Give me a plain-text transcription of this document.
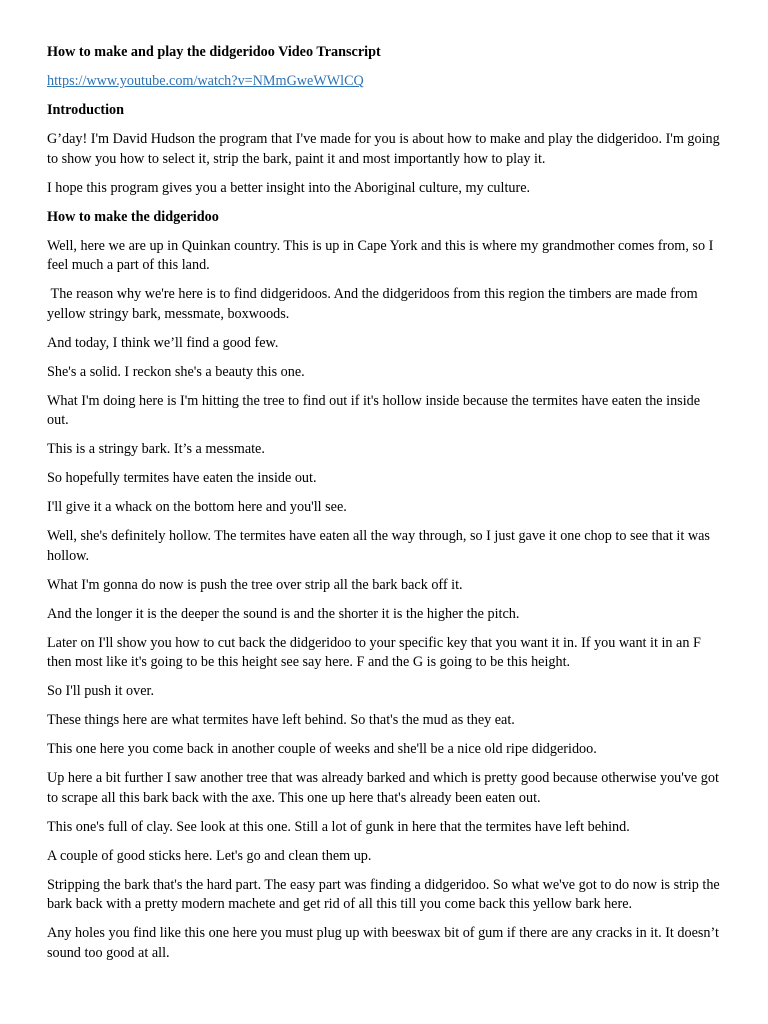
How to make and play the didgeridoo Video Transcript

https://www.youtube.com/watch?v=NMmGweWWlCQ

Introduction

G’day! I'm David Hudson the program that I've made for you is about how to make and play the didgeridoo. I'm going to show you how to select it, strip the bark, paint it and most importantly how to play it.

I hope this program gives you a better insight into the Aboriginal culture, my culture.

How to make the didgeridoo

Well, here we are up in Quinkan country. This is up in Cape York and this is where my grandmother comes from, so I feel much a part of this land.

The reason why we're here is to find didgeridoos. And the didgeridoos from this region the timbers are made from yellow stringy bark, messmate, boxwoods.

And today, I think we’ll find a good few.

She's a solid. I reckon she's a beauty this one.

What I'm doing here is I'm hitting the tree to find out if it's hollow inside because the termites have eaten the inside out.

This is a stringy bark. It’s a messmate.

So hopefully termites have eaten the inside out.

I'll give it a whack on the bottom here and you'll see.

Well, she's definitely hollow. The termites have eaten all the way through, so I just gave it one chop to see that it was hollow.

What I'm gonna do now is push the tree over strip all the bark back off it.

And the longer it is the deeper the sound is and the shorter it is the higher the pitch.

Later on I'll show you how to cut back the didgeridoo to your specific key that you want it in. If you want it in an F then most like it's going to be this height see say here. F and the G is going to be this height.

So I'll push it over.

These things here are what termites have left behind. So that's the mud as they eat.

This one here you come back in another couple of weeks and she'll be a nice old ripe didgeridoo.

Up here a bit further I saw another tree that was already barked and which is pretty good because otherwise you've got to scrape all this bark back with the axe. This one up here that's already been eaten out.

This one's full of clay. See look at this one. Still a lot of gunk in here that the termites have left behind.

A couple of good sticks here. Let's go and clean them up.

Stripping the bark that's the hard part. The easy part was finding a didgeridoo. So what we've got to do now is strip the bark back with a pretty modern machete and get rid of all this till you come back this yellow bark here.

Any holes you find like this one here you must plug up with beeswax bit of gum if there are any cracks in it. It doesn’t sound too good at all.
